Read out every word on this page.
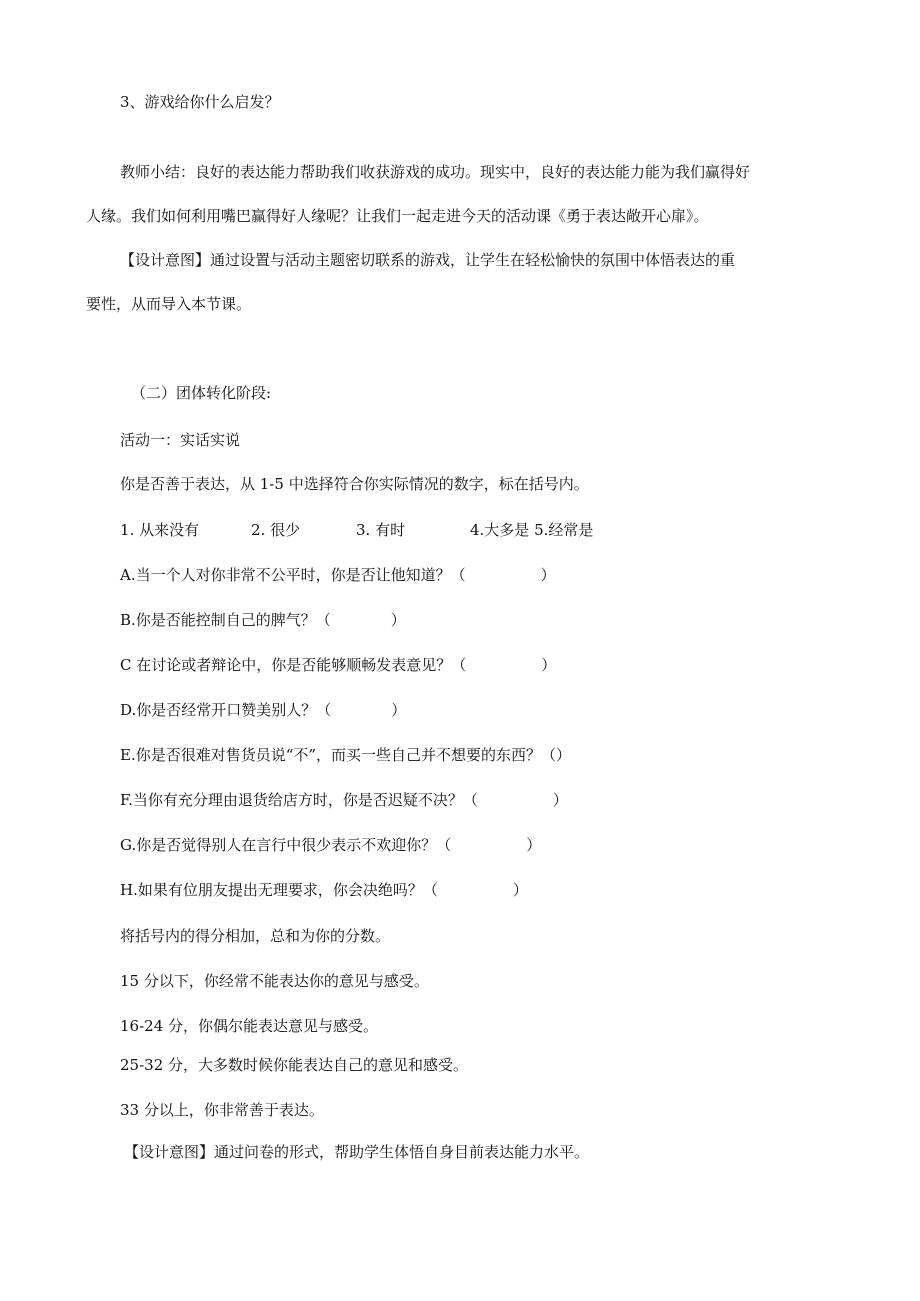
3、游戏给你什么启发？
教师小结：良好的表达能力帮助我们收获游戏的成功。现实中，良好的表达能力能为我们赢得好
人缘。我们如何利用嘴巴赢得好人缘呢？让我们一起走进今天的活动课《勇于表达敞开心扉》。
【设计意图】通过设置与活动主题密切联系的游戏，让学生在轻松愉快的氛围中体悟表达的重
要性，从而导入本节课。
（二）团体转化阶段:
活动一：实话实说
你是否善于表达，从 1-5 中选择符合你实际情况的数字，标在括号内。
1. 从来没有	2. 很少	3. 有时	4.大多是 5.经常是
A.当一个人对你非常不公平时，你是否让他知道？（　　　　　）
B.你是否能控制自己的脾气？（　　　　）
C 在讨论或者辩论中，你是否能够顺畅发表意见？（　　　　　）
D.你是否经常开口赞美别人？（　　　　）
E.你是否很难对售货员说“不”，而买一些自己并不想要的东西？（）
F.当你有充分理由退货给店方时，你是否迟疑不决？（　　　　　）
G.你是否觉得别人在言行中很少表示不欢迎你？（　　　　　）
H.如果有位朋友提出无理要求，你会决绝吗？（　　　　　）
将括号内的得分相加，总和为你的分数。
15 分以下，你经常不能表达你的意见与感受。
16-24 分，你偶尔能表达意见与感受。
25-32 分，大多数时候你能表达自己的意见和感受。
33 分以上，你非常善于表达。
【设计意图】通过问卷的形式，帮助学生体悟自身目前表达能力水平。
